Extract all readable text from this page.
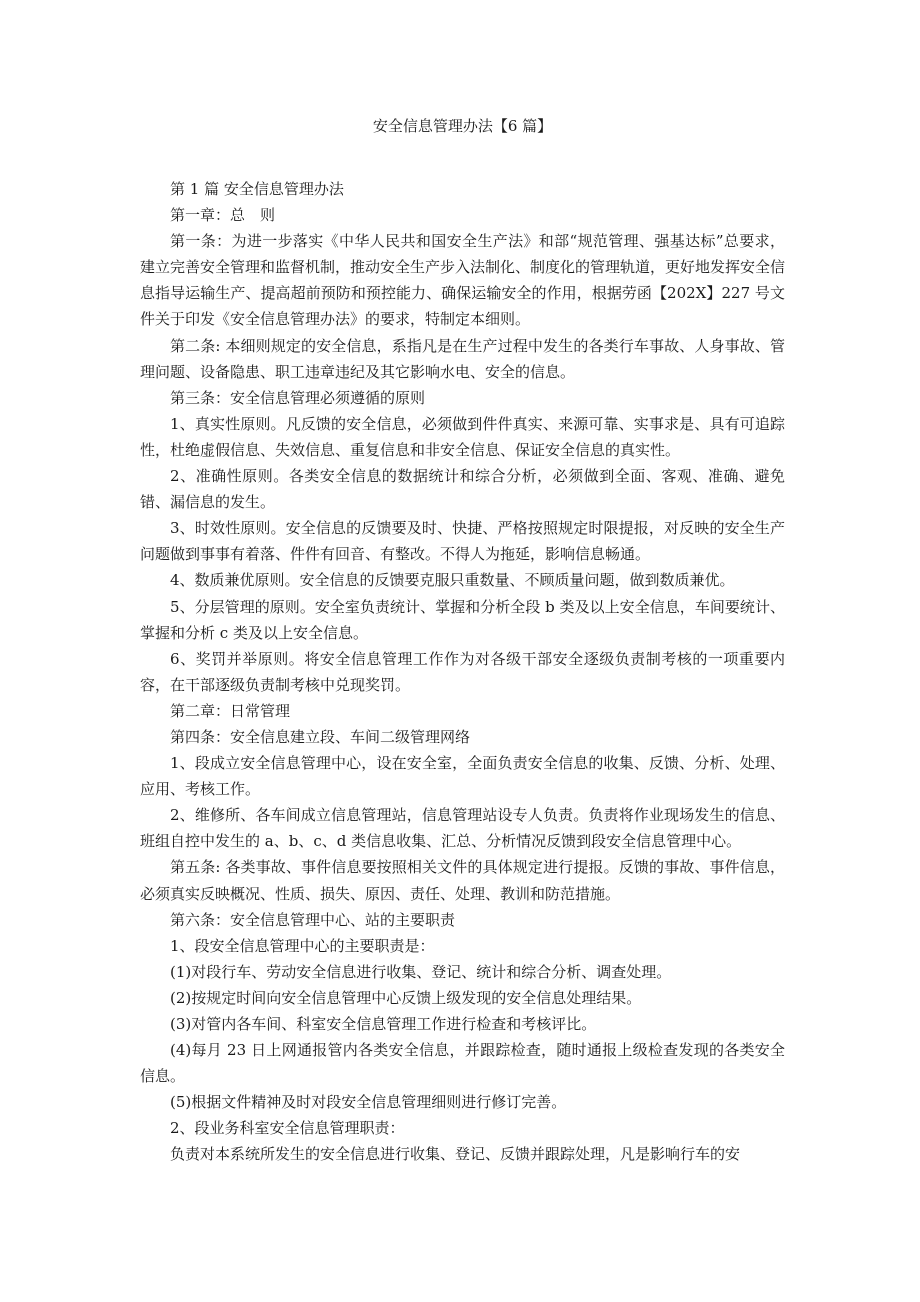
安全信息管理办法【6 篇】

第 1 篇 安全信息管理办法

第一章：总　则

第一条：为进一步落实《中华人民共和国安全生产法》和部“规范管理、强基达标”总要求，建立完善安全管理和监督机制，推动安全生产步入法制化、制度化的管理轨道，更好地发挥安全信息指导运输生产、提高超前预防和预控能力、确保运输安全的作用，根据劳函【202X】227 号文件关于印发《安全信息管理办法》的要求，特制定本细则。

第二条: 本细则规定的安全信息，系指凡是在生产过程中发生的各类行车事故、人身事故、管理问题、设备隐患、职工违章违纪及其它影响水电、安全的信息。

第三条：安全信息管理必须遵循的原则

1、真实性原则。凡反馈的安全信息，必须做到件件真实、来源可靠、实事求是、具有可追踪性，杜绝虚假信息、失效信息、重复信息和非安全信息、保证安全信息的真实性。

2、准确性原则。各类安全信息的数据统计和综合分析，必须做到全面、客观、准确、避免错、漏信息的发生。

3、时效性原则。安全信息的反馈要及时、快捷、严格按照规定时限提报，对反映的安全生产问题做到事事有着落、件件有回音、有整改。不得人为拖延，影响信息畅通。

4、数质兼优原则。安全信息的反馈要克服只重数量、不顾质量问题，做到数质兼优。

5、分层管理的原则。安全室负责统计、掌握和分析全段 b 类及以上安全信息，车间要统计、掌握和分析 c 类及以上安全信息。

6、奖罚并举原则。将安全信息管理工作作为对各级干部安全逐级负责制考核的一项重要内容，在干部逐级负责制考核中兑现奖罚。

第二章：日常管理

第四条：安全信息建立段、车间二级管理网络

1、段成立安全信息管理中心，设在安全室，全面负责安全信息的收集、反馈、分析、处理、应用、考核工作。

2、维修所、各车间成立信息管理站，信息管理站设专人负责。负责将作业现场发生的信息、班组自控中发生的 a、b、c、d 类信息收集、汇总、分析情况反馈到段安全信息管理中心。

第五条: 各类事故、事件信息要按照相关文件的具体规定进行提报。反馈的事故、事件信息，必须真实反映概况、性质、损失、原因、责任、处理、教训和防范措施。

第六条：安全信息管理中心、站的主要职责

1、段安全信息管理中心的主要职责是：

(1)对段行车、劳动安全信息进行收集、登记、统计和综合分析、调查处理。

(2)按规定时间向安全信息管理中心反馈上级发现的安全信息处理结果。

(3)对管内各车间、科室安全信息管理工作进行检查和考核评比。

(4)每月 23 日上网通报管内各类安全信息，并跟踪检查，随时通报上级检查发现的各类安全信息。

(5)根据文件精神及时对段安全信息管理细则进行修订完善。

2、段业务科室安全信息管理职责：

负责对本系统所发生的安全信息进行收集、登记、反馈并跟踪处理，凡是影响行车的安
